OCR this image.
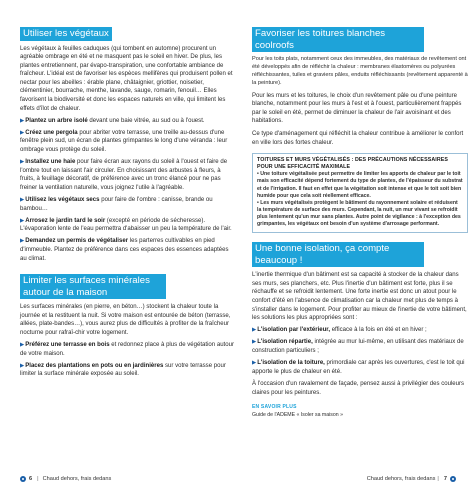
Utiliser les végétaux

Les végétaux à feuilles caduques (qui tombent en automne) procurent un agréable ombrage en été et ne masquent pas le soleil en hiver. De plus, les plantes entretiennent, par évapo-transpiration, une confortable ambiance de fraîcheur. L'idéal est de favoriser les espèces mellifères qui produisent pollen et nectar pour les abeilles : érable plane, châtaignier, griottier, noisetier, clémentinier, bourrache, menthe, lavande, sauge, romarin, fenouil… Elles favorisent la biodiversité et donc les espaces naturels en ville, qui limitent les effets d'îlot de chaleur.

▶Plantez un arbre isolé devant une baie vitrée, au sud ou à l'ouest.
▶Créez une pergola pour abriter votre terrasse, une treille au-dessus d'une fenêtre plein sud, un écran de plantes grimpantes le long d'une véranda : leur ombrage vous protège du soleil.
▶Installez une haie pour faire écran aux rayons du soleil à l'ouest et faire de l'ombre tout en laissant l'air circuler. En choisissant des arbustes à fleurs, à fruits, à feuillage décoratif, de préférence avec un tronc élancé pour ne pas freiner la ventilation naturelle, vous joignez l'utile à l'agréable.
▶Utilisez les végétaux secs pour faire de l'ombre : canisse, brande ou bambou…
▶Arrosez le jardin tard le soir (excepté en période de sécheresse). L'évaporation lente de l'eau permettra d'abaisser un peu la température de l'air.
▶Demandez un permis de végétaliser les parterres cultivables en pied d'immeuble. Plantez de préférence dans ces espaces des essences adaptées au climat.
Limiter les surfaces minérales autour de la maison

Les surfaces minérales (en pierre, en béton…) stockent la chaleur toute la journée et la restituent la nuit. Si votre maison est entourée de béton (terrasse, allées, plate-bandes…), vous aurez plus de difficultés à profiter de la fraîcheur nocturne pour rafraî-chir votre logement.

▶Préférez une terrasse en bois et redonnez place à plus de végétation autour de votre maison.
▶Placez des plantations en pots ou en jardinières sur votre terrasse pour limiter la surface minérale exposée au soleil.
Favoriser les toitures blanches coolroofs

Pour les toits plats, notamment ceux des immeubles, des matériaux de revêtement ont été développés afin de réfléchir la chaleur : membranes élastomères ou polyurées réfléchissantes, tuiles et graviers pâles, enduits réfléchissants (revêtement apparenté à la peinture).

Pour les murs et les toitures, le choix d'un revêtement pâle ou d'une peinture blanche, notamment pour les murs à l'est et à l'ouest, particulièrement frappés par le soleil en été, permet de diminuer la chaleur de l'air avoisinant et des habitations.

Ce type d'aménagement qui réfléchit la chaleur contribue à améliorer le confort en ville lors des fortes chaleur.

TOITURES ET MURS VÉGÉTALISÉS : DES PRÉCAUTIONS NÉCESSAIRES POUR UNE EFFICACITÉ MAXIMALE
• Une toiture végétalisée peut permettre de limiter les apports de chaleur par le toit mais son efficacité dépend fortement du type de plantes, de l'épaisseur du substrat et de l'irrigation. Il faut en effet que la végétation soit intense et que le toit soit bien humide pour que cela soit réellement efficace.
• Les murs végétalisés protègent le bâtiment du rayonnement solaire et réduisent la température de surface des murs. Cependant, la nuit, un mur vivant se refroidit plus lentement qu'un mur sans plantes. Autre point de vigilance : à l'exception des grimpantes, les végétaux ont besoin d'un système d'arrosage performant.
Une bonne isolation, ça compte beaucoup !

L'inertie thermique d'un bâtiment est sa capacité à stocker de la chaleur dans ses murs, ses planchers, etc. Plus l'inertie d'un bâtiment est forte, plus il se réchauffe et se refroidit lentement. Une forte inertie est donc un atout pour le confort d'été en l'absence de climatisation car la chaleur met plus de temps à s'installer dans le logement. Pour profiter au mieux de l'inertie de votre bâtiment, les solutions les plus appropriées sont :

▶L'isolation par l'extérieur, efficace à la fois en été et en hiver ;
▶L'isolation répartie, intégrée au mur lui-même, en utilisant des matériaux de construction particuliers ;
▶L'isolation de la toiture, primordiale car après les ouvertures, c'est le toit qui apporte le plus de chaleur en été.

À l'occasion d'un ravalement de façade, pensez aussi à privilégier des couleurs claires pour les peintures.

EN SAVOIR PLUS
Guide de l'ADEME « Isoler sa maison »
6 | Chaud dehors, frais dedans	Chaud dehors, frais dedans | 7
